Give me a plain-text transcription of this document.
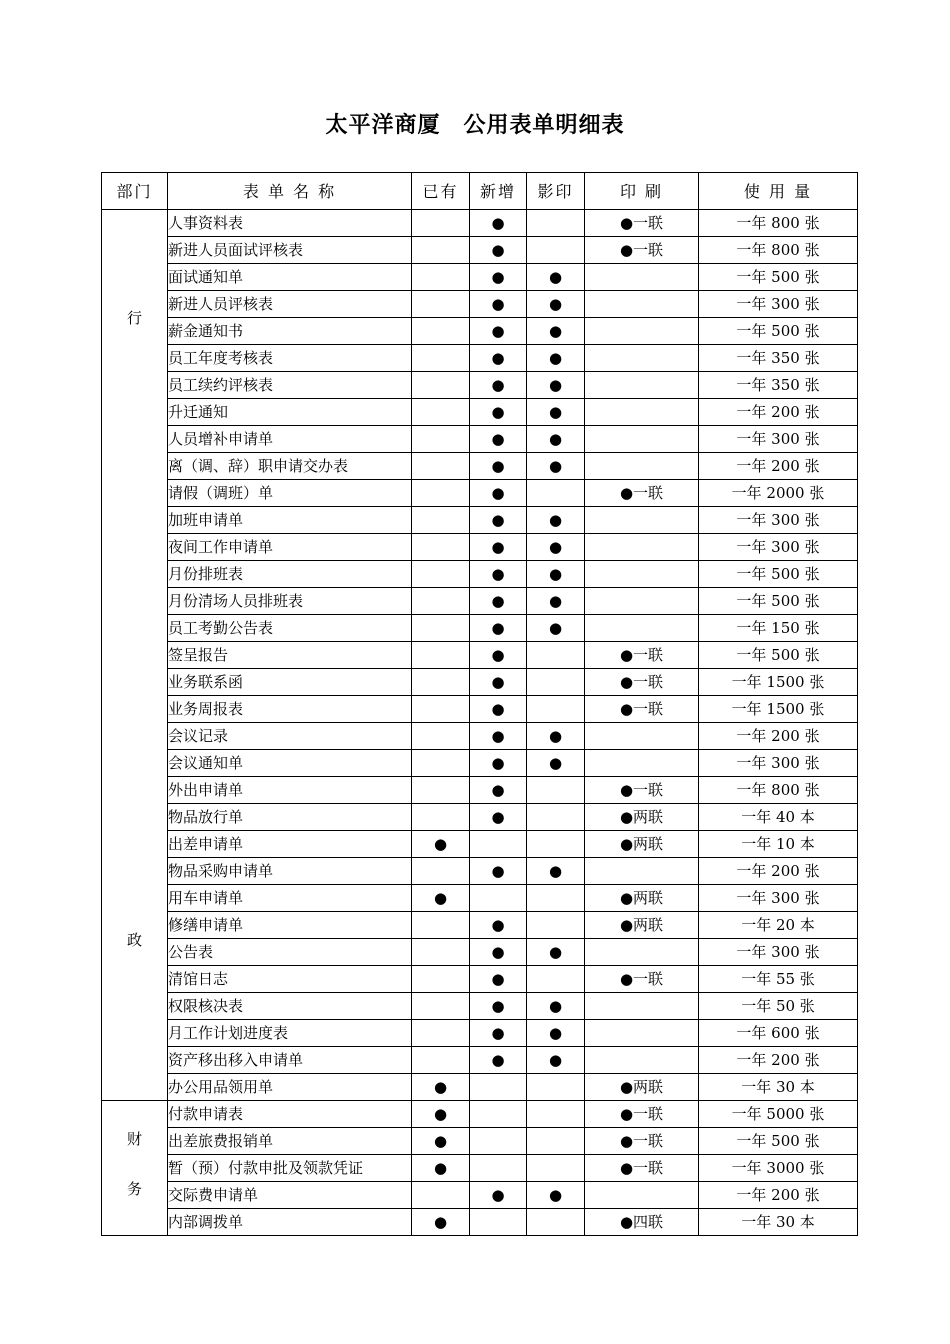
太平洋商厦　公用表单明细表
部门	表 单 名 称	已有	新增	影印	印 刷	使 用 量

行
政	人事资料表		●		●一联	一年 800 张
	新进人员面试评核表		●		●一联	一年 800 张
	面试通知单		●	●		一年 500 张
	新进人员评核表		●	●		一年 300 张
	薪金通知书		●	●		一年 500 张
	员工年度考核表		●	●		一年 350 张
	员工续约评核表		●	●		一年 350 张
	升迁通知		●	●		一年 200 张
	人员增补申请单		●	●		一年 300 张
	离（调、辞）职申请交办表		●	●		一年 200 张
	请假（调班）单		●		●一联	一年 2000 张
	加班申请单		●	●		一年 300 张
	夜间工作申请单		●	●		一年 300 张
	月份排班表		●	●		一年 500 张
	月份清场人员排班表		●	●		一年 500 张
	员工考勤公告表		●	●		一年 150 张
	签呈报告		●		●一联	一年 500 张
	业务联系函		●		●一联	一年 1500 张
	业务周报表		●		●一联	一年 1500 张
	会议记录		●	●		一年 200 张
	会议通知单		●	●		一年 300 张
	外出申请单		●		●一联	一年 800 张
	物品放行单		●		●两联	一年 40 本
	出差申请单	●			●两联	一年 10 本
	物品采购申请单		●	●		一年 200 张
	用车申请单	●			●两联	一年 300 张
	修缮申请单		●		●两联	一年 20 本
	公告表		●	●		一年 300 张
	清馆日志		●		●一联	一年 55 张
	权限核决表		●	●		一年 50 张
	月工作计划进度表		●	●		一年 600 张
	资产移出移入申请单		●	●		一年 200 张
	办公用品领用单	●			●两联	一年 30 本

财
务	付款申请表	●			●一联	一年 5000 张
	出差旅费报销单	●			●一联	一年 500 张
	暂（预）付款申批及领款凭证	●			●一联	一年 3000 张
	交际费申请单		●	●		一年 200 张
	内部调拨单	●			●四联	一年 30 本
